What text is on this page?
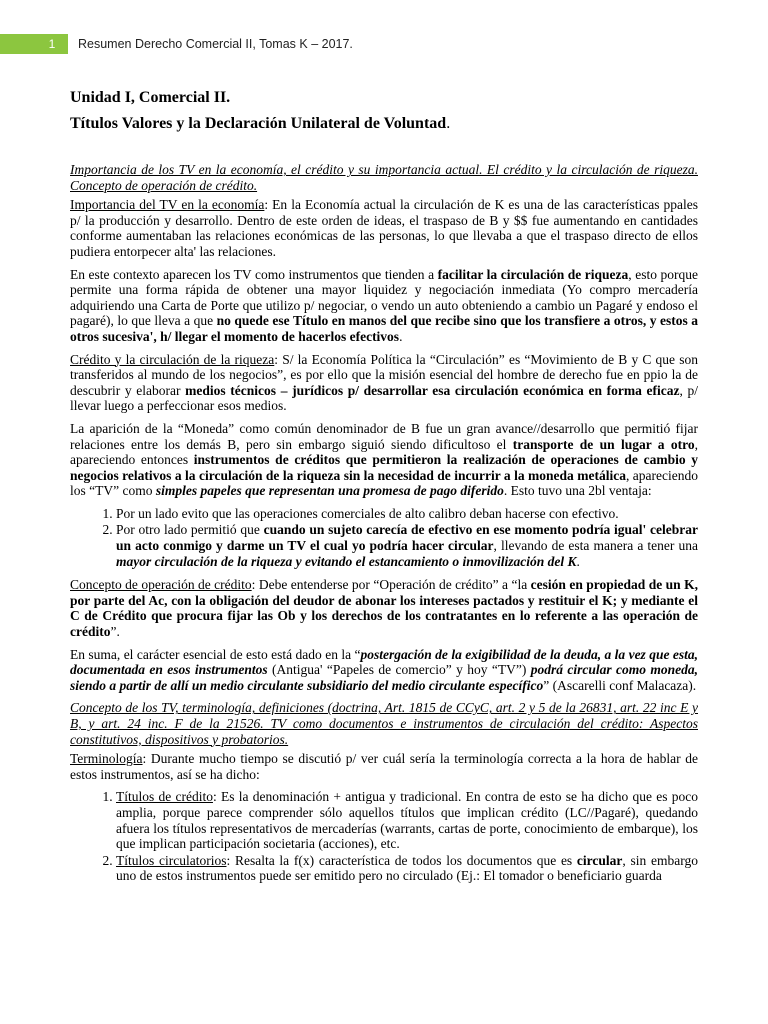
1	Resumen Derecho Comercial II, Tomas K – 2017.
Unidad I, Comercial II.
Títulos Valores y la Declaración Unilateral de Voluntad.

Importancia de los TV en la economía, el crédito y su importancia actual. El crédito y la circulación de riqueza. Concepto de operación de crédito.

Importancia del TV en la economía: En la Economía actual la circulación de K es una de las características ppales p/ la producción y desarrollo. Dentro de este orden de ideas, el traspaso de B y $$ fue aumentando en cantidades conforme aumentaban las relaciones económicas de las personas, lo que llevaba a que el traspaso directo de ellos pudiera entorpecer alta' las relaciones.

En este contexto aparecen los TV como instrumentos que tienden a facilitar la circulación de riqueza, esto porque permite una forma rápida de obtener una mayor liquidez y negociación inmediata (Yo compro mercadería adquiriendo una Carta de Porte que utilizo p/ negociar, o vendo un auto obteniendo a cambio un Pagaré y endoso el pagaré), lo que lleva a que no quede ese Título en manos del que recibe sino que los transfiere a otros, y estos a otros sucesiva', h/ llegar el momento de hacerlos efectivos.

Crédito y la circulación de la riqueza: S/ la Economía Política la “Circulación” es “Movimiento de B y C que son transferidos al mundo de los negocios”, es por ello que la misión esencial del hombre de derecho fue en ppio la de descubrir y elaborar medios técnicos – jurídicos p/ desarrollar esa circulación económica en forma eficaz, p/ llevar luego a perfeccionar esos medios.

La aparición de la “Moneda” como común denominador de B fue un gran avance//desarrollo que permitió fijar relaciones entre los demás B, pero sin embargo siguió siendo dificultoso el transporte de un lugar a otro, apareciendo entonces instrumentos de créditos que permitieron la realización de operaciones de cambio y negocios relativos a la circulación de la riqueza sin la necesidad de incurrir a la moneda metálica, apareciendo los “TV” como simples papeles que representan una promesa de pago diferido. Esto tuvo una 2bl ventaja:

1. Por un lado evito que las operaciones comerciales de alto calibro deban hacerse con efectivo.
2. Por otro lado permitió que cuando un sujeto carecía de efectivo en ese momento podría igual' celebrar un acto conmigo y darme un TV el cual yo podría hacer circular, llevando de esta manera a tener una mayor circulación de la riqueza y evitando el estancamiento o inmovilización del K.

Concepto de operación de crédito: Debe entenderse por “Operación de crédito” a “la cesión en propiedad de un K, por parte del Ac, con la obligación del deudor de abonar los intereses pactados y restituir el K; y mediante el C de Crédito que procura fijar las Ob y los derechos de los contratantes en lo referente a las operación de crédito”.

En suma, el carácter esencial de esto está dado en la “postergación de la exigibilidad de la deuda, a la vez que esta, documentada en esos instrumentos (Antigua' “Papeles de comercio” y hoy “TV”) podrá circular como moneda, siendo a partir de allí un medio circulante subsidiario del medio circulante específico” (Ascarelli conf Malacaza).

Concepto de los TV, terminología, definiciones (doctrina, Art. 1815 de CCyC, art. 2 y 5 de la 26831, art. 22 inc E y B, y art. 24 inc. F de la 21526. TV como documentos e instrumentos de circulación del crédito: Aspectos constitutivos, dispositivos y probatorios.

Terminología: Durante mucho tiempo se discutió p/ ver cuál sería la terminología correcta a la hora de hablar de estos instrumentos, así se ha dicho:

1. Títulos de crédito: Es la denominación + antigua y tradicional. En contra de esto se ha dicho que es poco amplia, porque parece comprender sólo aquellos títulos que implican crédito (LC//Pagaré), quedando afuera los títulos representativos de mercaderías (warrants, cartas de porte, conocimiento de embarque), los que implican participación societaria (acciones), etc.
2. Títulos circulatorios: Resalta la f(x) característica de todos los documentos que es circular, sin embargo uno de estos instrumentos puede ser emitido pero no circulado (Ej.: El tomador o beneficiario guarda
